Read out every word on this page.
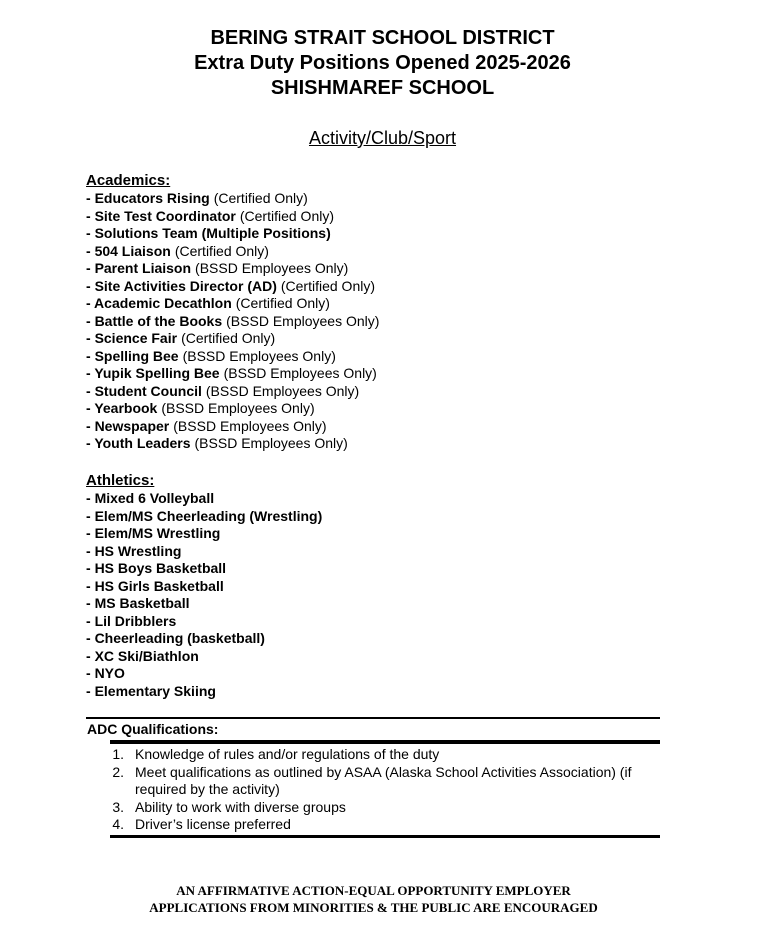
BERING STRAIT SCHOOL DISTRICT
Extra Duty Positions Opened 2025-2026
SHISHMAREF SCHOOL
Activity/Club/Sport
Academics:
- Educators Rising (Certified Only)
- Site Test Coordinator (Certified Only)
- Solutions Team (Multiple Positions)
- 504 Liaison (Certified Only)
- Parent Liaison (BSSD Employees Only)
- Site Activities Director (AD) (Certified Only)
- Academic Decathlon (Certified Only)
- Battle of the Books (BSSD Employees Only)
- Science Fair (Certified Only)
- Spelling Bee (BSSD Employees Only)
- Yupik Spelling Bee (BSSD Employees Only)
- Student Council (BSSD Employees Only)
- Yearbook (BSSD Employees Only)
- Newspaper (BSSD Employees Only)
- Youth Leaders (BSSD Employees Only)
Athletics:
- Mixed 6 Volleyball
- Elem/MS Cheerleading (Wrestling)
- Elem/MS Wrestling
- HS Wrestling
- HS Boys Basketball
- HS Girls Basketball
- MS Basketball
- Lil Dribblers
- Cheerleading (basketball)
- XC Ski/Biathlon
- NYO
- Elementary Skiing
ADC Qualifications:
1. Knowledge of rules and/or regulations of the duty
2. Meet qualifications as outlined by ASAA (Alaska School Activities Association) (if required by the activity)
3. Ability to work with diverse groups
4. Driver’s license preferred
AN AFFIRMATIVE ACTION-EQUAL OPPORTUNITY EMPLOYER
APPLICATIONS FROM MINORITIES & THE PUBLIC ARE ENCOURAGED
